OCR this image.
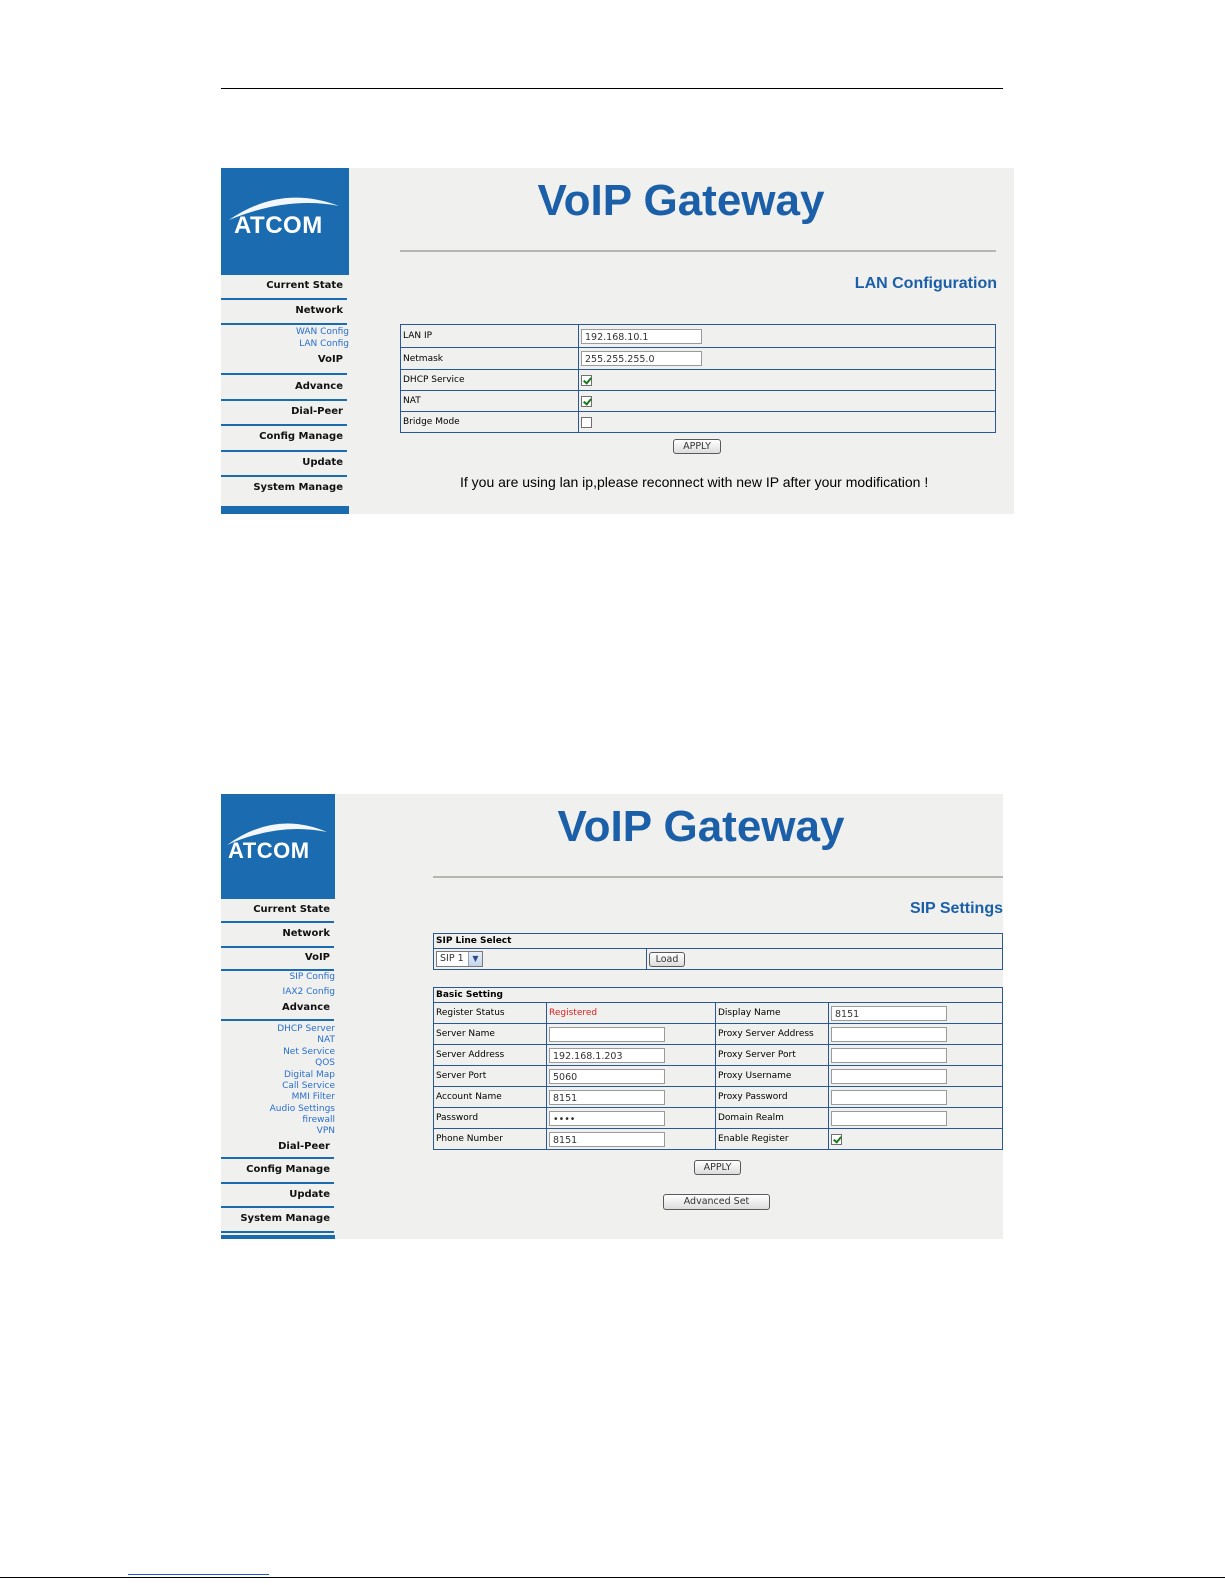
ATCOM
Current State
Network
WAN Config
LAN Config
VoIP
Advance
Dial-Peer
Config Manage
Update
System Manage
VoIP Gateway
LAN Configuration
LAN IP	192.168.10.1
Netmask	255.255.255.0
DHCP Service	
NAT	
Bridge Mode	
APPLY
If you are using lan ip,please reconnect with new IP after your modification !
ATCOM
Current State
Network
VoIP
SIP Config
IAX2 Config
Advance
DHCP Server
NAT
Net Service
QOS
Digital Map
Call Service
MMI Filter
Audio Settings
firewall
VPN
Dial-Peer
Config Manage
Update
System Manage
VoIP Gateway
SIP Settings
SIP Line Select
SIP 1	▼	Load
Basic Setting			
Register Status	Registered	Display Name	8151
Server Name		Proxy Server Address	
Server Address	192.168.1.203	Proxy Server Port	
Server Port	5060	Proxy Username	
Account Name	8151	Proxy Password	
Password	••••	Domain Realm	
Phone Number	8151	Enable Register	
APPLY
Advanced Set
